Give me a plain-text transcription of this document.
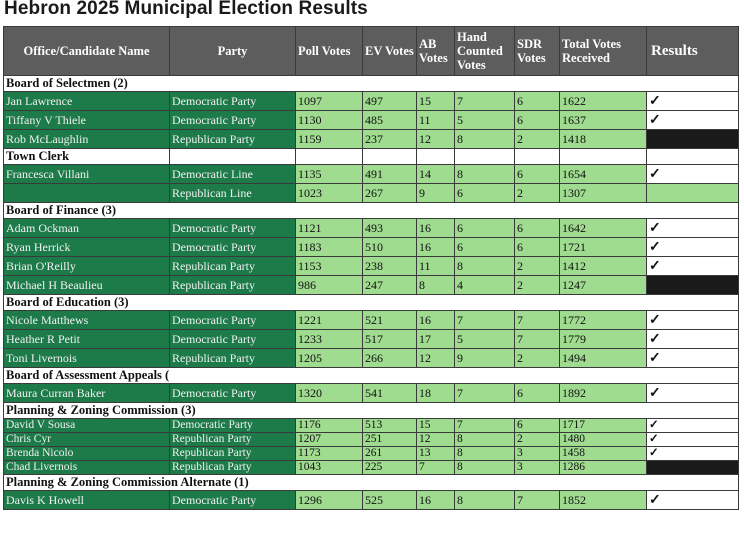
Hebron 2025 Municipal Election Results
Office/Candidate Name	Party	Poll Votes	EV Votes	AB Votes	Hand Counted Votes	SDR Votes	Total Votes Received	Results
Board of Selectmen (2)								
Jan Lawrence	Democratic Party	1097	497	15	7	6	1622	✓
Tiffany V Thiele	Democratic Party	1130	485	11	5	6	1637	✓
Rob McLaughlin	Republican Party	1159	237	12	8	2	1418	
Town Clerk								
Francesca Villani	Democratic Line	1135	491	14	8	6	1654	✓
	Republican Line	1023	267	9	6	2	1307	
Board of Finance (3)								
Adam Ockman	Democratic Party	1121	493	16	6	6	1642	✓
Ryan Herrick	Democratic Party	1183	510	16	6	6	1721	✓
Brian O'Reilly	Republican Party	1153	238	11	8	2	1412	✓
Michael H Beaulieu	Republican Party	986	247	8	4	2	1247	
Board of Education (3)								
Nicole Matthews	Democratic Party	1221	521	16	7	7	1772	✓
Heather R Petit	Democratic Party	1233	517	17	5	7	1779	✓
Toni Livernois	Republican Party	1205	266	12	9	2	1494	✓
Board of Assessment Appeals (								
Maura Curran Baker	Democratic Party	1320	541	18	7	6	1892	✓
Planning & Zoning Commission (3)								
David V Sousa	Democratic Party	1176	513	15	7	6	1717	✓
Chris Cyr	Republican Party	1207	251	12	8	2	1480	✓
Brenda Nicolo	Republican Party	1173	261	13	8	3	1458	✓
Chad Livernois	Republican Party	1043	225	7	8	3	1286	
Planning & Zoning Commission Alternate (1)								
Davis K Howell	Democratic Party	1296	525	16	8	7	1852	✓
